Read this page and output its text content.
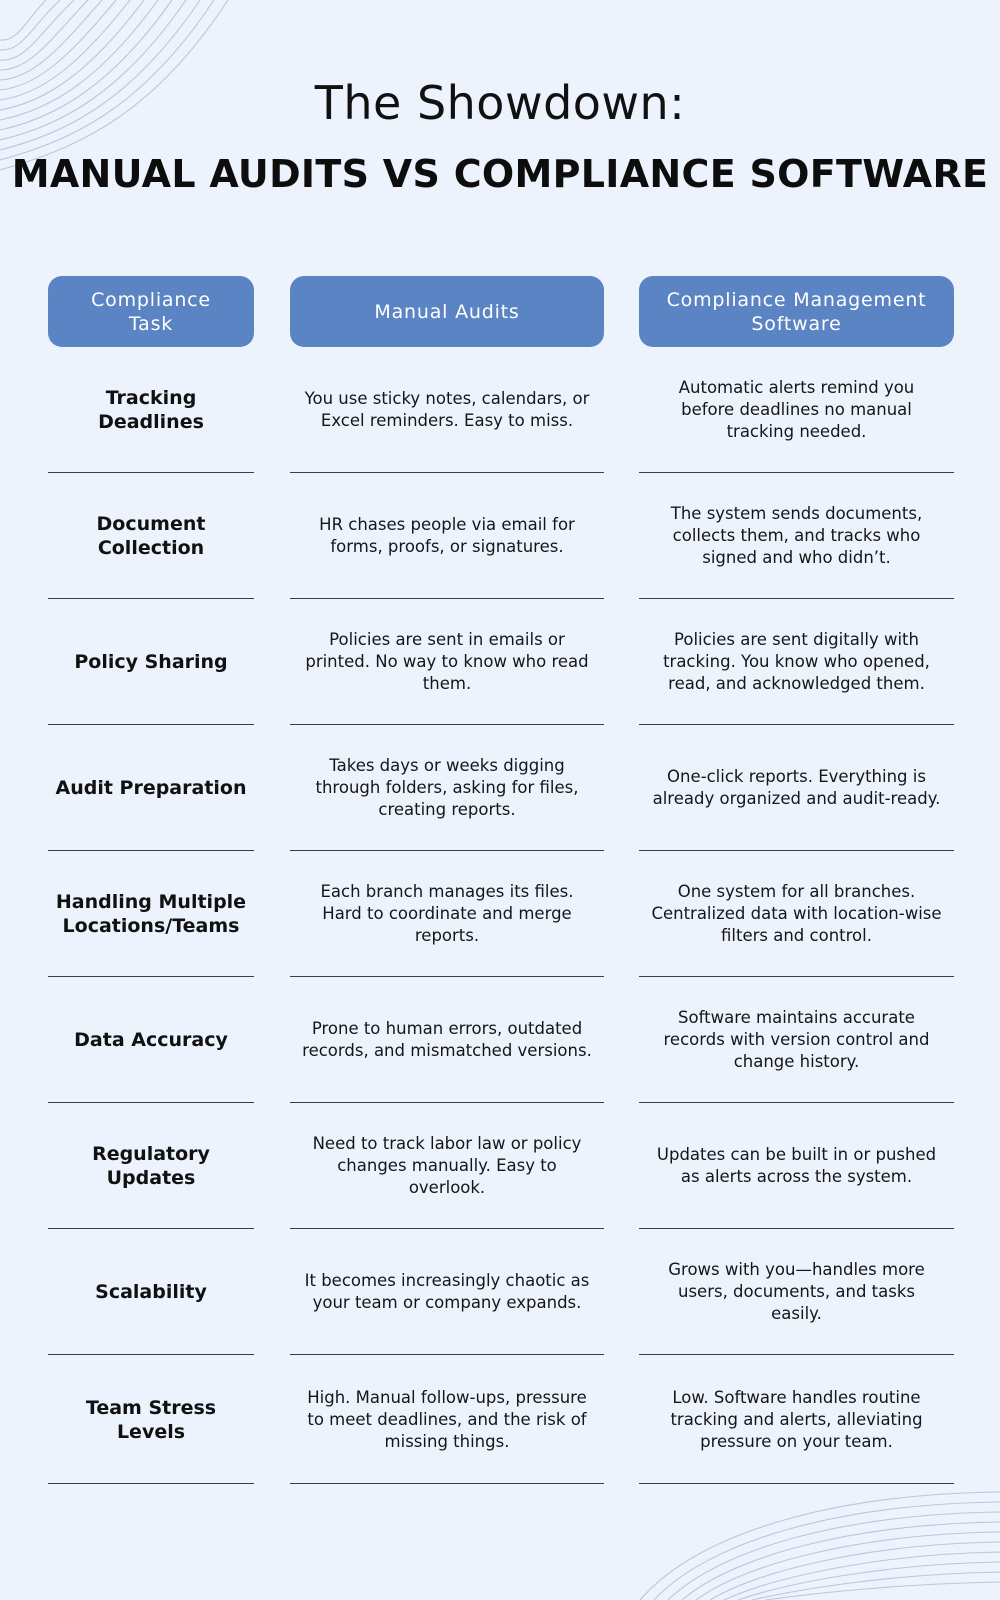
The Showdown:
MANUAL AUDITS VS COMPLIANCE SOFTWARE
Compliance Task
Manual Audits
Compliance Management Software
Tracking Deadlines
You use sticky notes, calendars, or Excel reminders. Easy to miss.
Automatic alerts remind you before deadlines no manual tracking needed.
Document Collection
HR chases people via email for forms, proofs, or signatures.
The system sends documents, collects them, and tracks who signed and who didn’t.
Policy Sharing
Policies are sent in emails or printed. No way to know who read them.
Policies are sent digitally with tracking. You know who opened, read, and acknowledged them.
Audit Preparation
Takes days or weeks digging through folders, asking for files, creating reports.
One-click reports. Everything is already organized and audit-ready.
Handling Multiple Locations/Teams
Each branch manages its files. Hard to coordinate and merge reports.
One system for all branches. Centralized data with location-wise filters and control.
Data Accuracy
Prone to human errors, outdated records, and mismatched versions.
Software maintains accurate records with version control and change history.
Regulatory Updates
Need to track labor law or policy changes manually. Easy to overlook.
Updates can be built in or pushed as alerts across the system.
Scalability
It becomes increasingly chaotic as your team or company expands.
Grows with you—handles more users, documents, and tasks easily.
Team Stress Levels
High. Manual follow-ups, pressure to meet deadlines, and the risk of missing things.
Low. Software handles routine tracking and alerts, alleviating pressure on your team.
